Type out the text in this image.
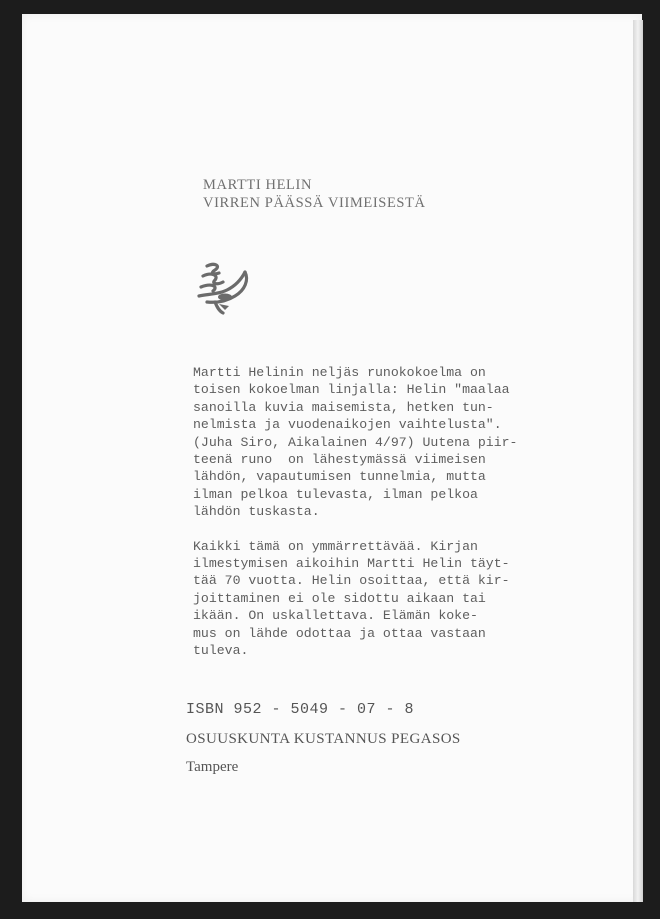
MARTTI HELIN
VIRREN PÄÄSSÄ VIIMEISESTÄ
Martti Helinin neljäs runokokoelma on
toisen kokoelman linjalla: Helin "maalaa
sanoilla kuvia maisemista, hetken tun-
nelmista ja vuodenaikojen vaihtelusta".
(Juha Siro, Aikalainen 4/97) Uutena piir-
teenä runo  on lähestymässä viimeisen
lähdön, vapautumisen tunnelmia, mutta
ilman pelkoa tulevasta, ilman pelkoa
lähdön tuskasta.
Kaikki tämä on ymmärrettävää. Kirjan
ilmestymisen aikoihin Martti Helin täyt-
tää 70 vuotta. Helin osoittaa, että kir-
joittaminen ei ole sidottu aikaan tai
ikään. On uskallettava. Elämän koke-
mus on lähde odottaa ja ottaa vastaan
tuleva.
ISBN 952 - 5049 - 07 - 8
OSUUSKUNTA KUSTANNUS PEGASOS
Tampere
